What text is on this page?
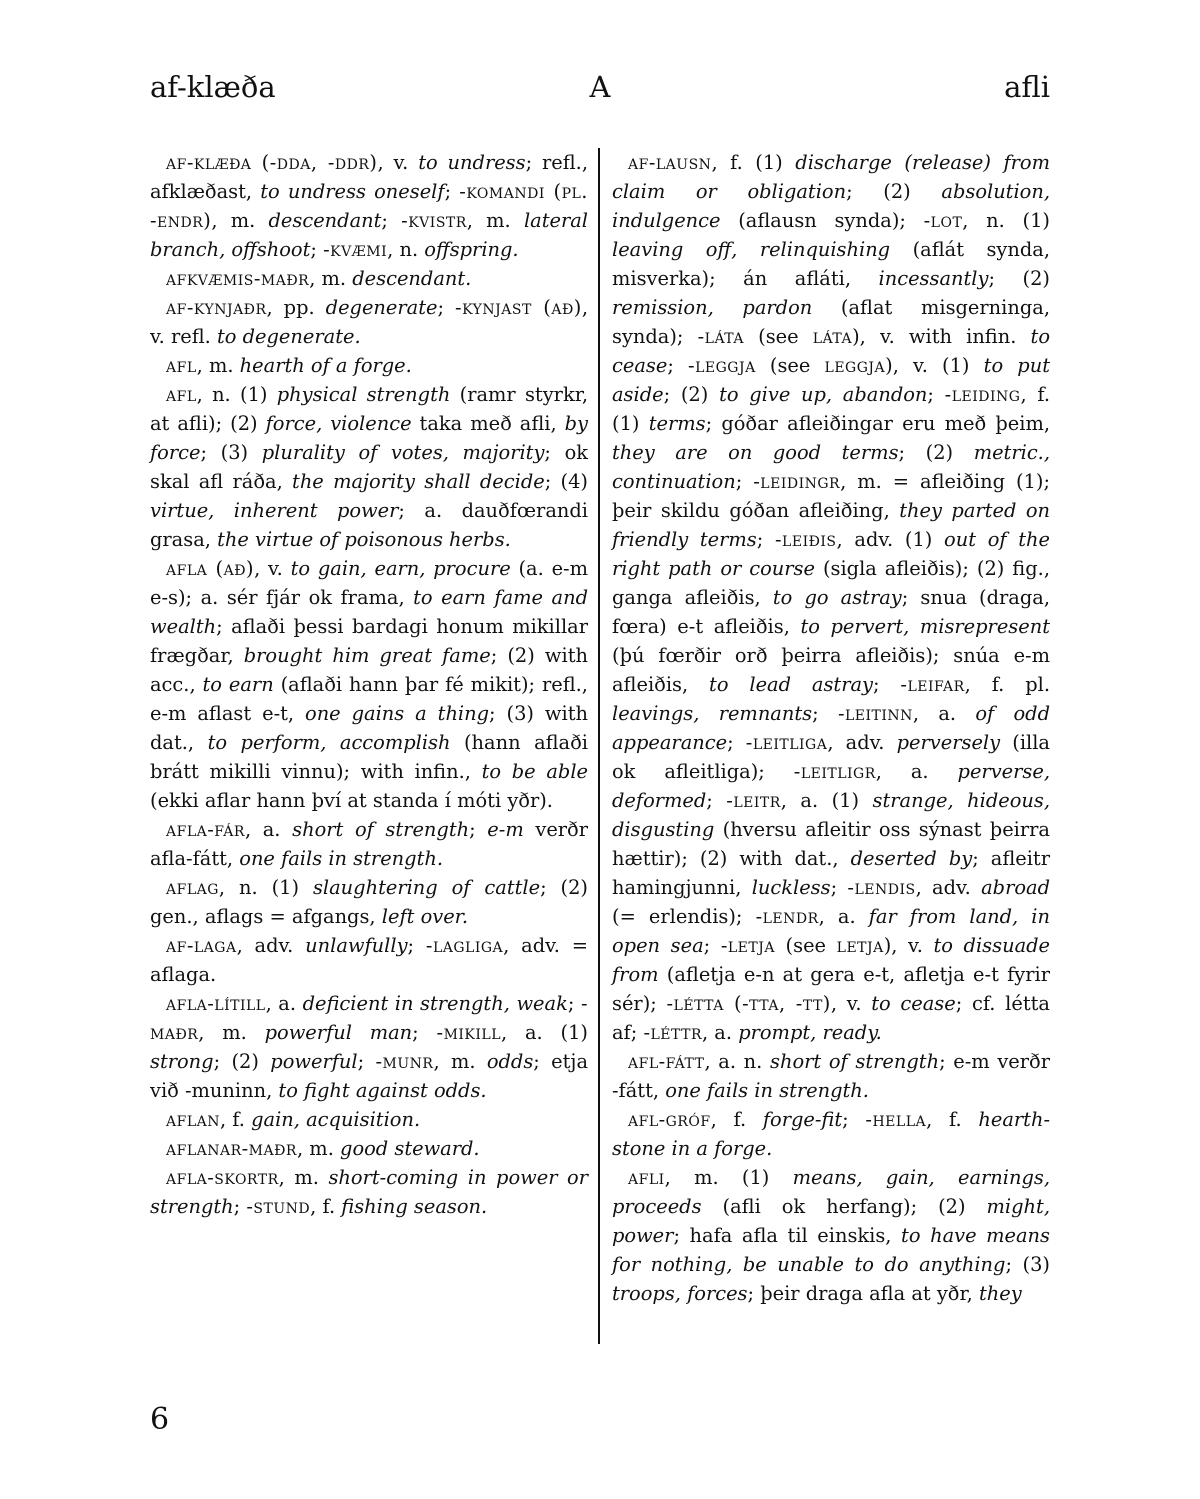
af-klæða	A	afli

af-klæða (-dda, -ddr), v. to undress; refl., afklæðast, to undress oneself; -komandi (pl. -endr), m. descendant; -kvistr, m. lateral branch, offshoot; -kvæmi, n. offspring.

afkvæmis-maðr, m. descendant.

af-kynjaðr, pp. degenerate; -kynjast (að), v. refl. to degenerate.

afl, m. hearth of a forge.

afl, n. (1) physical strength (ramr styrkr, at afli); (2) force, violence taka með afli, by force; (3) plurality of votes, majority; ok skal afl ráða, the majority shall decide; (4) virtue, inherent power; a. dauðfœrandi grasa, the virtue of poisonous herbs.

afla (að), v. to gain, earn, procure (a. e-m e-s); a. sér fjár ok frama, to earn fame and wealth; aflaði þessi bardagi honum mikillar frægðar, brought him great fame; (2) with acc., to earn (aflaði hann þar fé mikit); refl., e-m aflast e-t, one gains a thing; (3) with dat., to perform, accomplish (hann aflaði brátt mikilli vinnu); with infin., to be able (ekki aflar hann því at standa í móti yðr).

afla-fár, a. short of strength; e-m verðr afla-fátt, one fails in strength.

aflag, n. (1) slaughtering of cattle; (2) gen., aflags = afgangs, left over.

af-laga, adv. unlawfully; -lagliga, adv. = aflaga.

afla-lítill, a. deficient in strength, weak; -maðr, m. powerful man; -mikill, a. (1) strong; (2) powerful; -munr, m. odds; etja við -muninn, to fight against odds.

aflan, f. gain, acquisition.

aflanar-maðr, m. good steward.

afla-skortr, m. short-coming in power or strength; -stund, f. fishing season.

af-lausn, f. (1) discharge (release) from claim or obligation; (2) absolution, indulgence (aflausn synda); -lot, n. (1) leaving off, relinquishing (aflát synda, misverka); án afláti, incessantly; (2) remission, pardon (aflat misgerninga, synda); -láta (see láta), v. with infin. to cease; -leggja (see leggja), v. (1) to put aside; (2) to give up, abandon; -leiding, f. (1) terms; góðar afleiðingar eru með þeim, they are on good terms; (2) metric., continuation; -leidingr, m. = afleiðing (1); þeir skildu góðan afleiðing, they parted on friendly terms; -leiðis, adv. (1) out of the right path or course (sigla afleiðis); (2) fig., ganga afleiðis, to go astray; snua (draga, fœra) e-t afleiðis, to pervert, misrepresent (þú fœrðir orð þeirra afleiðis); snúa e-m afleiðis, to lead astray; -leifar, f. pl. leavings, remnants; -leitinn, a. of odd appearance; -leitliga, adv. perversely (illa ok afleitliga); -leitligr, a. perverse, deformed; -leitr, a. (1) strange, hideous, disgusting (hversu afleitir oss sýnast þeirra hættir); (2) with dat., deserted by; afleitr hamingjunni, luckless; -lendis, adv. abroad (= erlendis); -lendr, a. far from land, in open sea; -letja (see letja), v. to dissuade from (afletja e-n at gera e-t, afletja e-t fyrir sér); -létta (-tta, -tt), v. to cease; cf. létta af; -léttr, a. prompt, ready.

afl-fátt, a. n. short of strength; e-m verðr -fátt, one fails in strength.

afl-gróf, f. forge-fit; -hella, f. hearth-stone in a forge.

afli, m. (1) means, gain, earnings, proceeds (afli ok herfang); (2) might, power; hafa afla til einskis, to have means for nothing, be unable to do anything; (3) troops, forces; þeir draga afla at yðr, they

6
